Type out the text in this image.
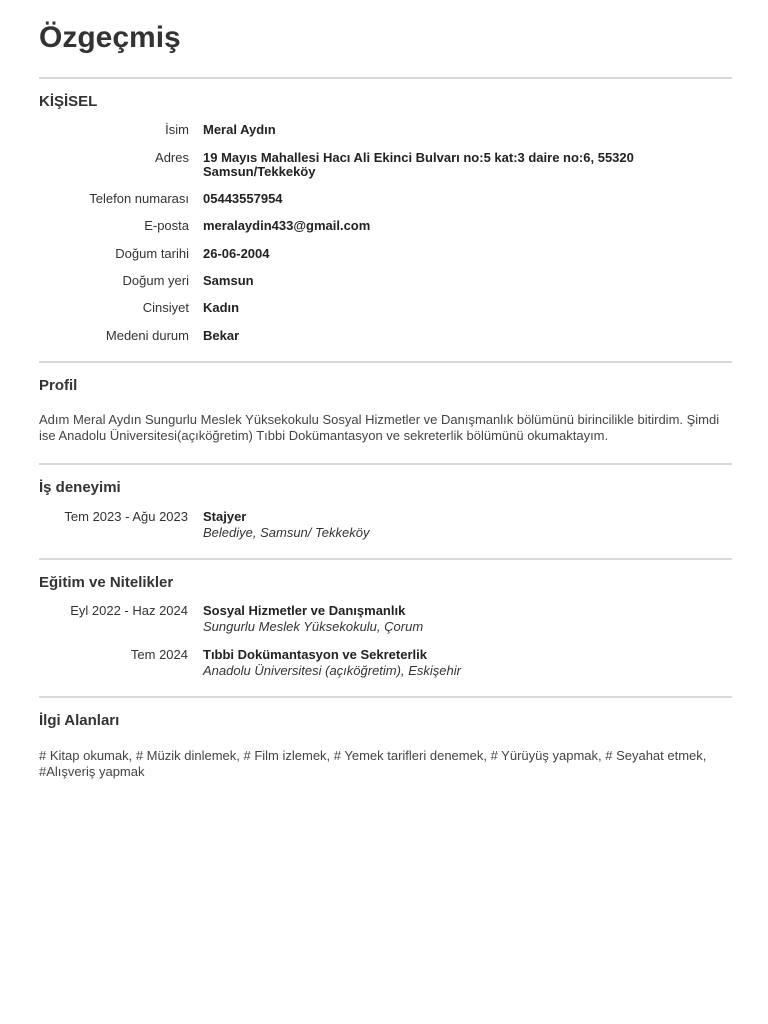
Özgeçmiş
KİŞİSEL
İsim Meral Aydın
Adres 19 Mayıs Mahallesi Hacı Ali Ekinci Bulvarı no:5 kat:3 daire no:6, 55320 Samsun/Tekkeköy
Telefon numarası 05443557954
E-posta meralaydin433@gmail.com
Doğum tarihi 26-06-2004
Doğum yeri Samsun
Cinsiyet Kadın
Medeni durum Bekar
Profil

Adım Meral Aydın Sungurlu Meslek Yüksekokulu Sosyal Hizmetler ve Danışmanlık bölümünü birincilikle bitirdim. Şimdi ise Anadolu Üniversitesi(açıköğretim) Tıbbi Dokümantasyon ve sekreterlik bölümünü okumaktayım.

İş deneyimi
Tem 2023 - Ağu 2023 Stajyer
Belediye, Samsun/ Tekkeköy
Eğitim ve Nitelikler
Eyl 2022 - Haz 2024 Sosyal Hizmetler ve Danışmanlık
Sungurlu Meslek Yüksekokulu, Çorum
Tem 2024 Tıbbi Dokümantasyon ve Sekreterlik
Anadolu Üniversitesi (açıköğretim), Eskişehir
İlgi Alanları

# Kitap okumak, # Müzik dinlemek, # Film izlemek, # Yemek tarifleri denemek, # Yürüyüş yapmak, # Seyahat etmek, #Alışveriş yapmak
